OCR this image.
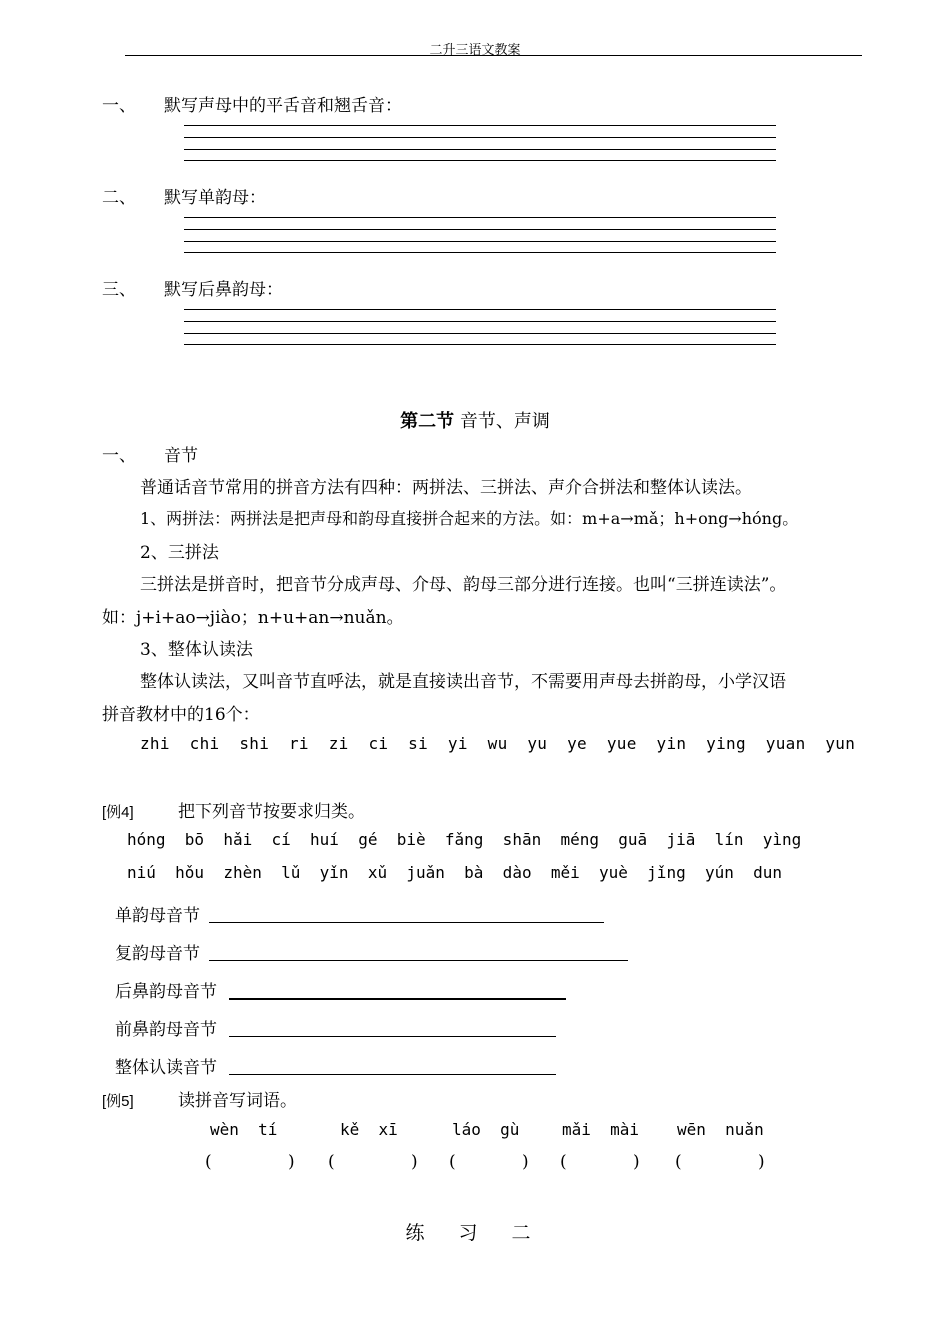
二升三语文教案
一、 默写声母中的平舌音和翘舌音：
二、 默写单韵母：
三、 默写后鼻韵母：
第二节 音节、声调
一、 音节
普通话音节常用的拼音方法有四种：两拼法、三拼法、声介合拼法和整体认读法。
1、两拼法：两拼法是把声母和韵母直接拼合起来的方法。如：m+a→mǎ；h+ong→hóng。
2、三拼法
三拼法是拼音时，把音节分成声母、介母、韵母三部分进行连接。也叫“三拼连读法”。
如：j+i+ao→jiào；n+u+an→nuǎn。
3、整体认读法
整体认读法，又叫音节直呼法，就是直接读出音节，不需要用声母去拼韵母，小学汉语
拼音教材中的16个：
zhi  chi  shi  ri  zi  ci  si  yi  wu  yu  ye  yue  yin  ying  yuan  yun
[例4]	把下列音节按要求归类。
hóng  bō  hǎi  cí  huí  gé  biè  fǎng  shān  méng  guā  jiā  lín  yìng
niú  hǒu  zhèn  lǔ  yǐn  xǔ  juǎn  bà  dào  měi  yuè  jǐng  yún  dun
单韵母音节
复韵母音节
后鼻韵母音节
前鼻韵母音节
整体认读音节
[例5]	读拼音写词语。
wèn  tí	kě  xī	láo  gù	mǎi  mài wēn  nuǎn
(	) (	) (	) (	) (	)
练 习 二
